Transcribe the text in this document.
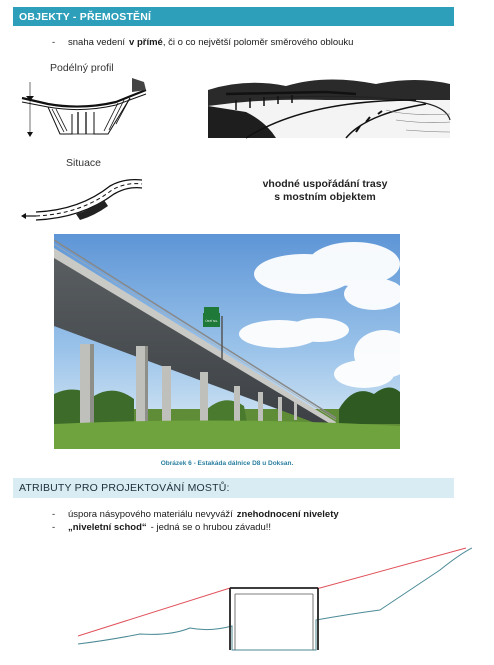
OBJEKTY - PŘEMOSTĚNÍ
- snaha vedení v přímé, či o co největší poloměr směrového oblouku
Podélný profil
Situace
vhodné uspořádání trasy
s mostním objektem
ÚSTÍ N/L
Obrázek 6 - Estakáda dálnice D8 u Doksan.
ATRIBUTY PRO PROJEKTOVÁNÍ MOSTŮ:
- úspora násypového materiálu nevyváží znehodnocení nivelety
- „niveletní schod“ - jedná se o hrubou závadu!!
